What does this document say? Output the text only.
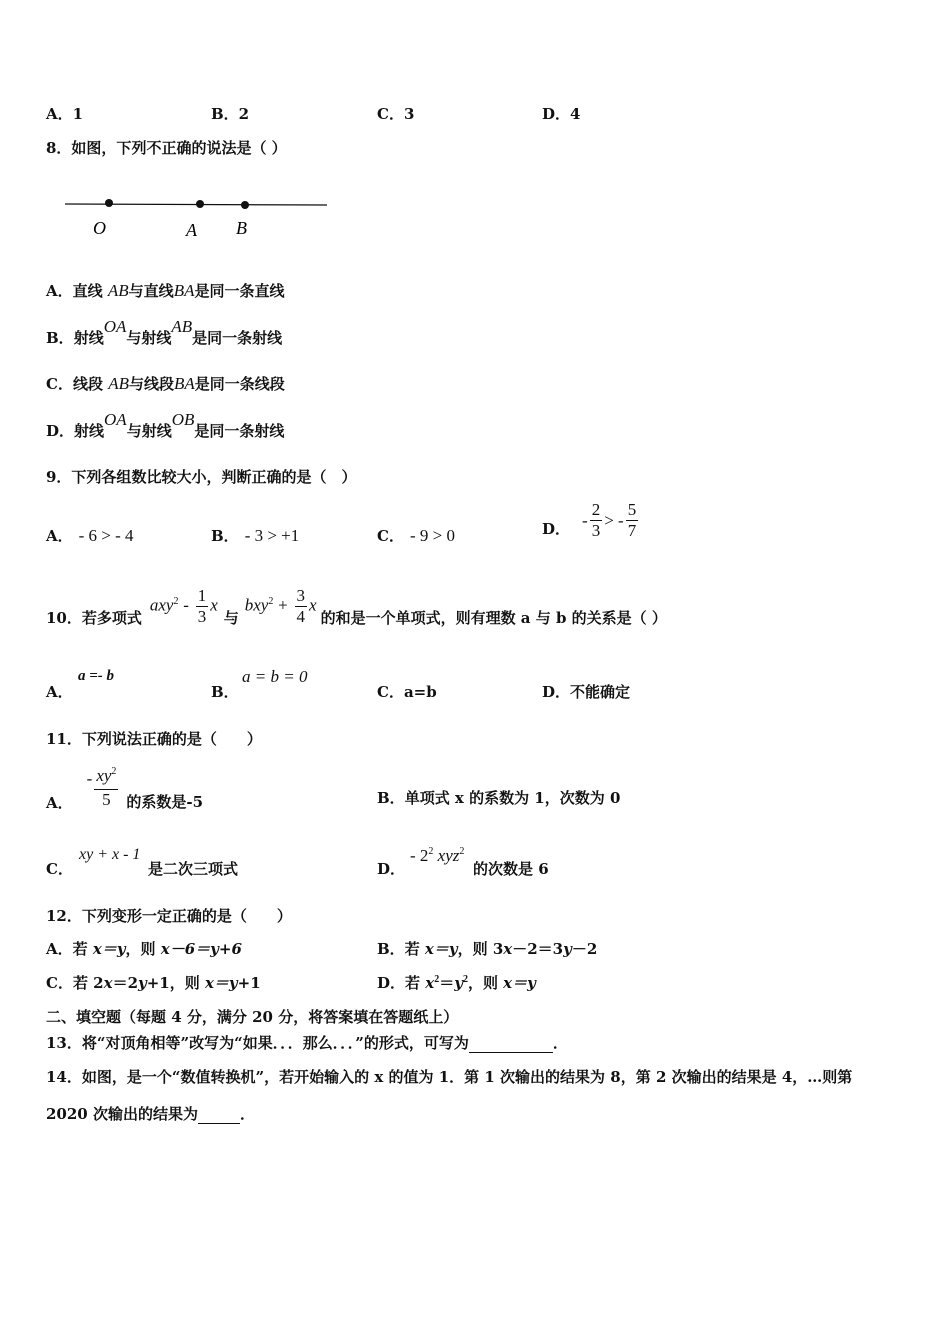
A．1	B．2	C．3	D．4
8．如图，下列不正确的说法是（ ）
O	A B
A．直线 AB与直线BA是同一条直线
B．射线OA与射线AB是同一条射线
C．线段 AB与线段BA是同一条线段
D．射线OA与射线OB是同一条射线
9．下列各组数比较大小，判断正确的是（　）
A． - 6 > - 4	B． - 3 > +1	C． - 9 > 0	D． - $\frac{2}{3}$ > - $\frac{5}{7}$
10．若多项式
$axy^2 - \frac{1}{3}$ x
与
$bxy^2 + \frac{3}{4}$ x
的和是一个单项式，则有理数 a 与 b 的关系是（ ）
A．
a =- b
B．
a = b = 0
C．a=b	D．不能确定
11．下列说法正确的是（　　）
A．
- $\frac{xy^2}{5}$ 的系数是-5	B．单项式 x 的系数为 1，次数为 0
C．
xy + x - 1
是二次三项式	D．
- $2^2$ xyz$^2$
的次数是 6
12．下列变形一定正确的是（　　）
A．若 x＝y，则 x－6＝y+6	B．若 x＝y，则 3x－2＝3y－2
C．若 2x＝2y+1，则 x＝y+1	D．若 $x^2=y^2$，则 x＝y
二、填空题（每题 4 分，满分 20 分，将答案填在答题纸上）
13．将“对顶角相等”改写为“如果．．．那么．．．”的形式，可写为	．
14．如图，是一个“数值转换机”，若开始输入的 x 的值为 1．第 1 次输出的结果为 8，第 2 次输出的结果是 4，…则第
2020 次输出的结果为	．
